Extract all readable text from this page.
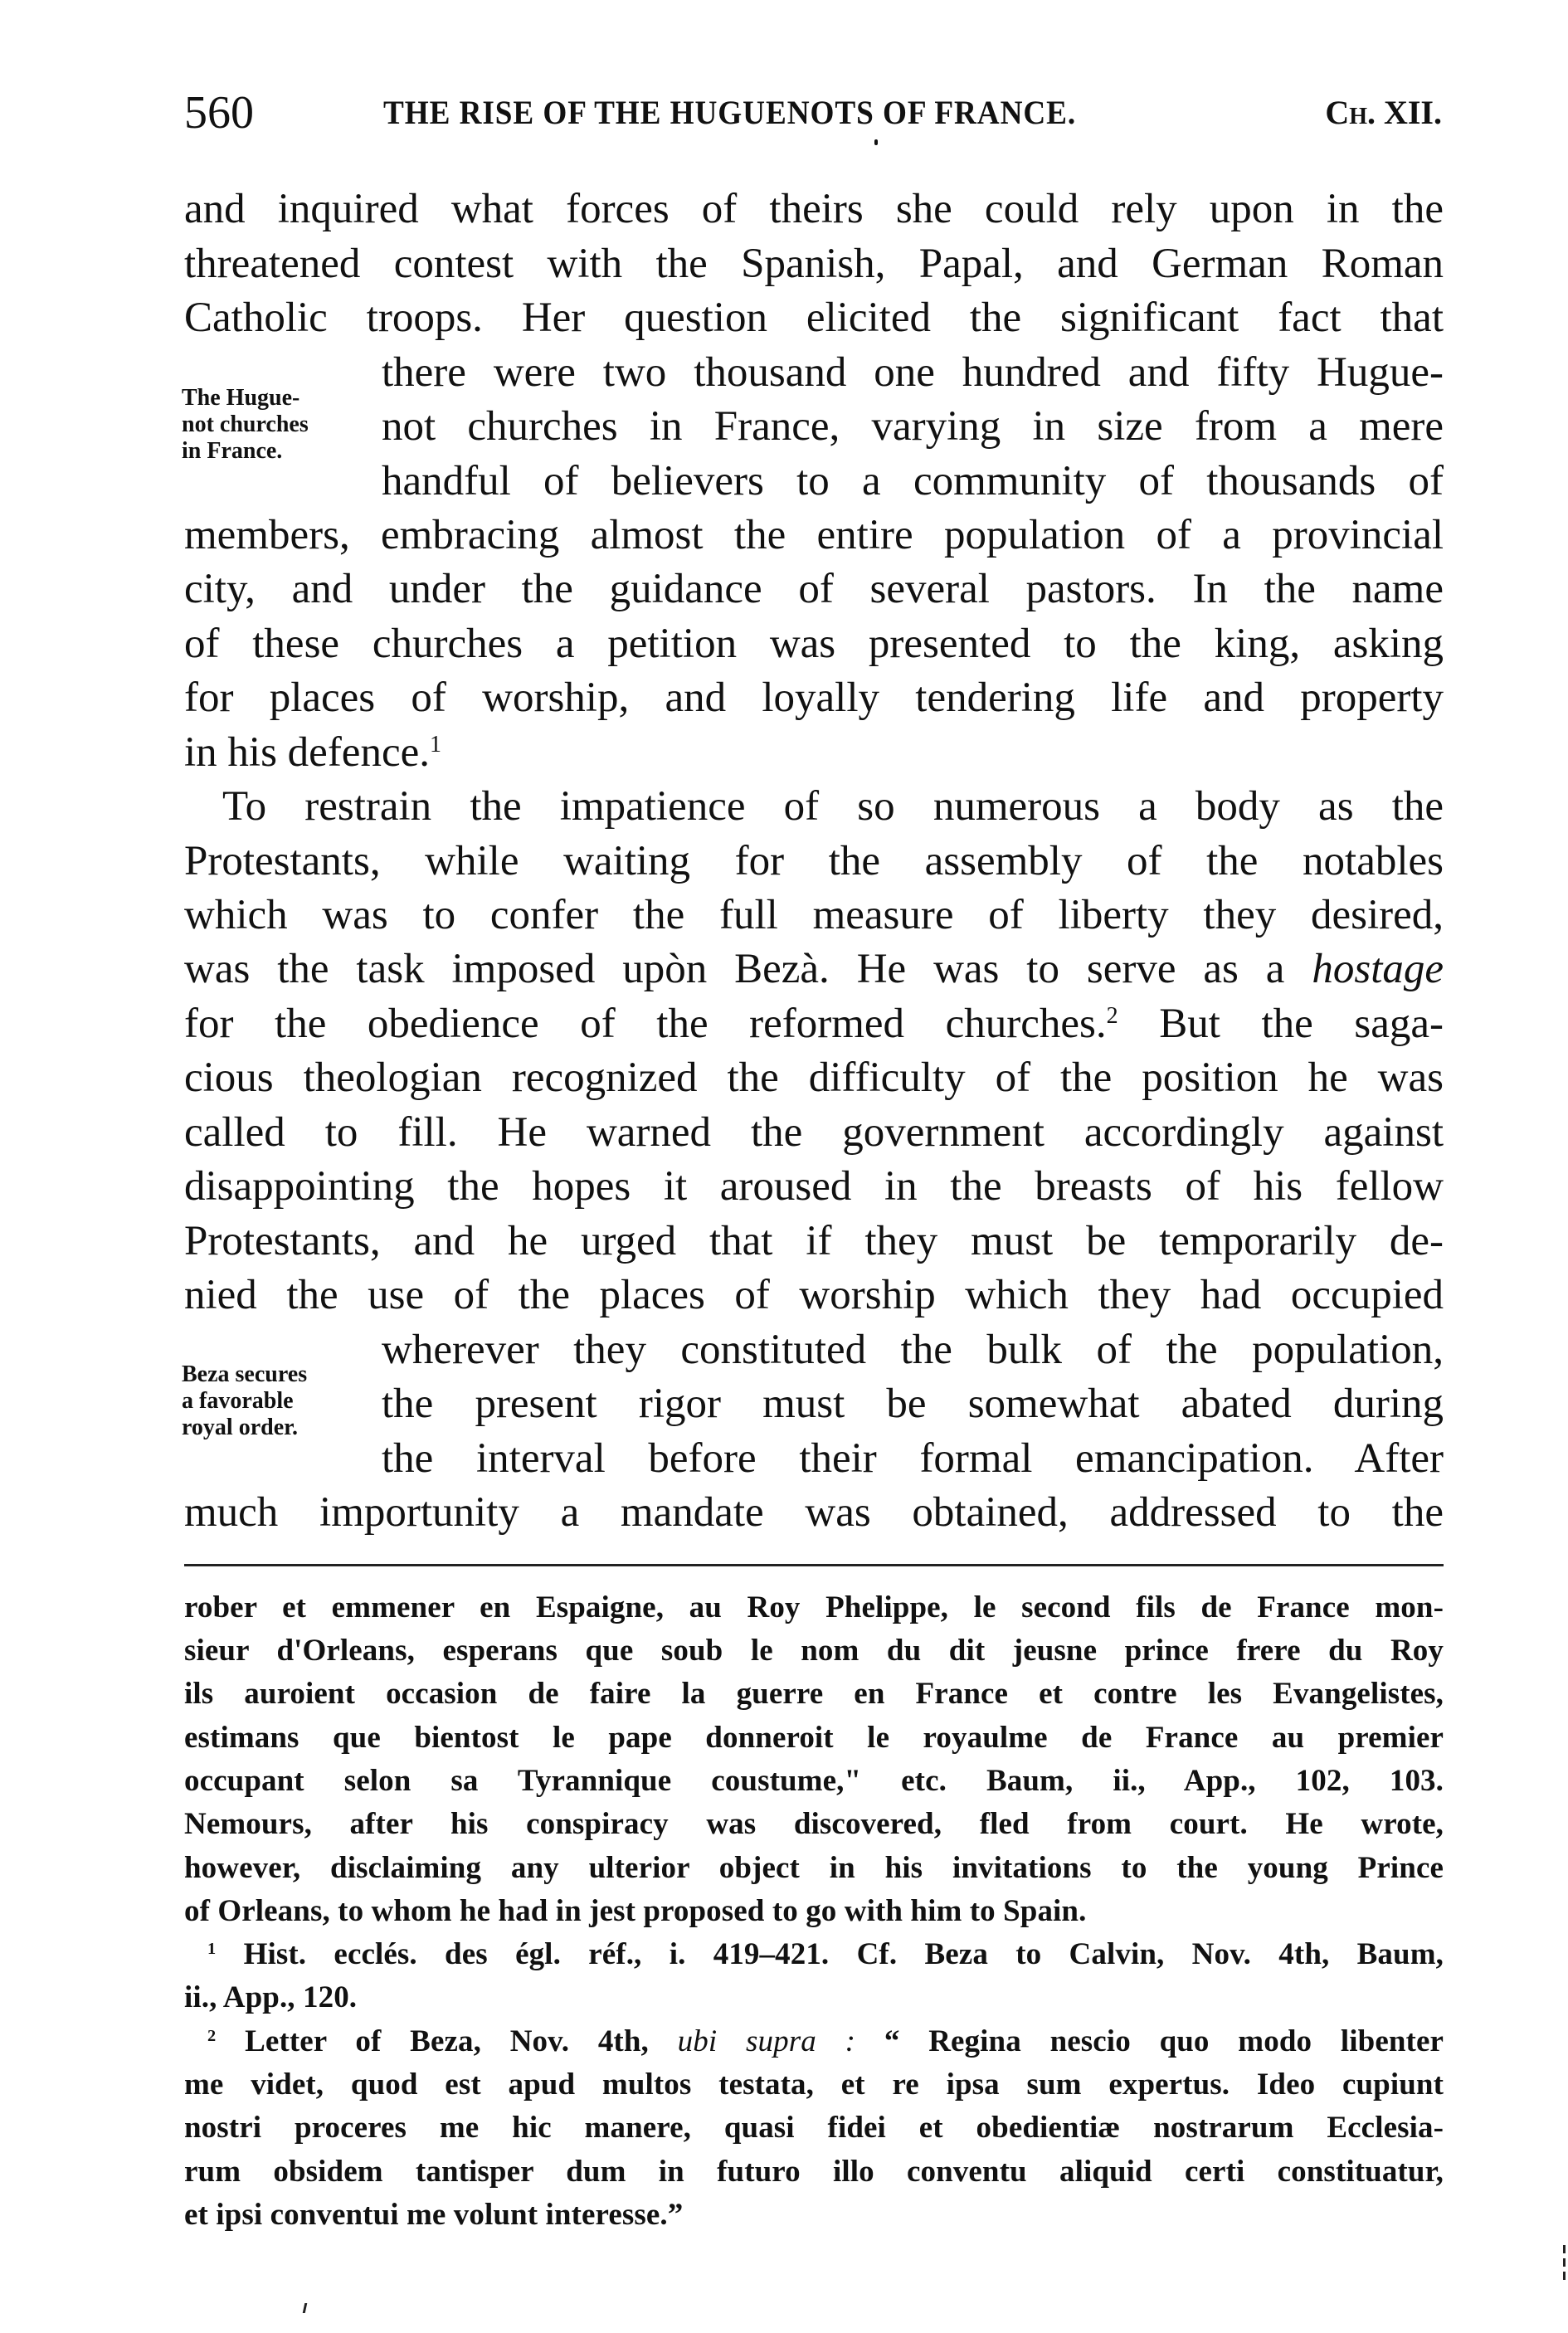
560	THE RISE OF THE HUGUENOTS OF FRANCE.	Ch. XII.
and inquired what forces of theirs she could rely upon in the
threatened contest with the Spanish, Papal, and German Roman
Catholic troops. Her question elicited the significant fact that
there were two thousand one hundred and fifty Hugue-
not churches in France, varying in size from a mere
handful of believers to a community of thousands of
members, embracing almost the entire population of a provincial
city, and under the guidance of several pastors. In the name
of these churches a petition was presented to the king, asking
for places of worship, and loyally tendering life and property
in his defence.$^1$
To restrain the impatience of so numerous a body as the
Protestants, while waiting for the assembly of the notables
which was to confer the full measure of liberty they desired,
was the task imposed upòn Bezà. He was to serve as a hostage
for the obedience of the reformed churches.$^2$ But the saga-
cious theologian recognized the difficulty of the position he was
called to fill. He warned the government accordingly against
disappointing the hopes it aroused in the breasts of his fellow
Protestants, and he urged that if they must be temporarily de-
nied the use of the places of worship which they had occupied
wherever they constituted the bulk of the population,
the present rigor must be somewhat abated during
the interval before their formal emancipation. After
much importunity a mandate was obtained, addressed to the
The Hugue-
not churches
in France.
Beza secures
a favorable
royal order.
rober et emmener en Espaigne, au Roy Phelippe, le second fils de France mon-
sieur d'Orleans, esperans que soub le nom du dit jeusne prince frere du Roy
ils auroient occasion de faire la guerre en France et contre les Evangelistes,
estimans que bientost le pape donneroit le royaulme de France au premier
occupant selon sa Tyrannique coustume," etc. Baum, ii., App., 102, 103.
Nemours, after his conspiracy was discovered, fled from court. He wrote,
however, disclaiming any ulterior object in his invitations to the young Prince
of Orleans, to whom he had in jest proposed to go with him to Spain.
$^1$ Hist. ecclés. des égl. réf., i. 419–421. Cf. Beza to Calvin, Nov. 4th, Baum,
ii., App., 120.
$^2$ Letter of Beza, Nov. 4th, ubi supra : “ Regina nescio quo modo libenter
me videt, quod est apud multos testata, et re ipsa sum expertus. Ideo cupiunt
nostri proceres me hic manere, quasi fidei et obedientiæ nostrarum Ecclesia-
rum obsidem tantisper dum in futuro illo conventu aliquid certi constituatur,
et ipsi conventui me volunt interesse.”
